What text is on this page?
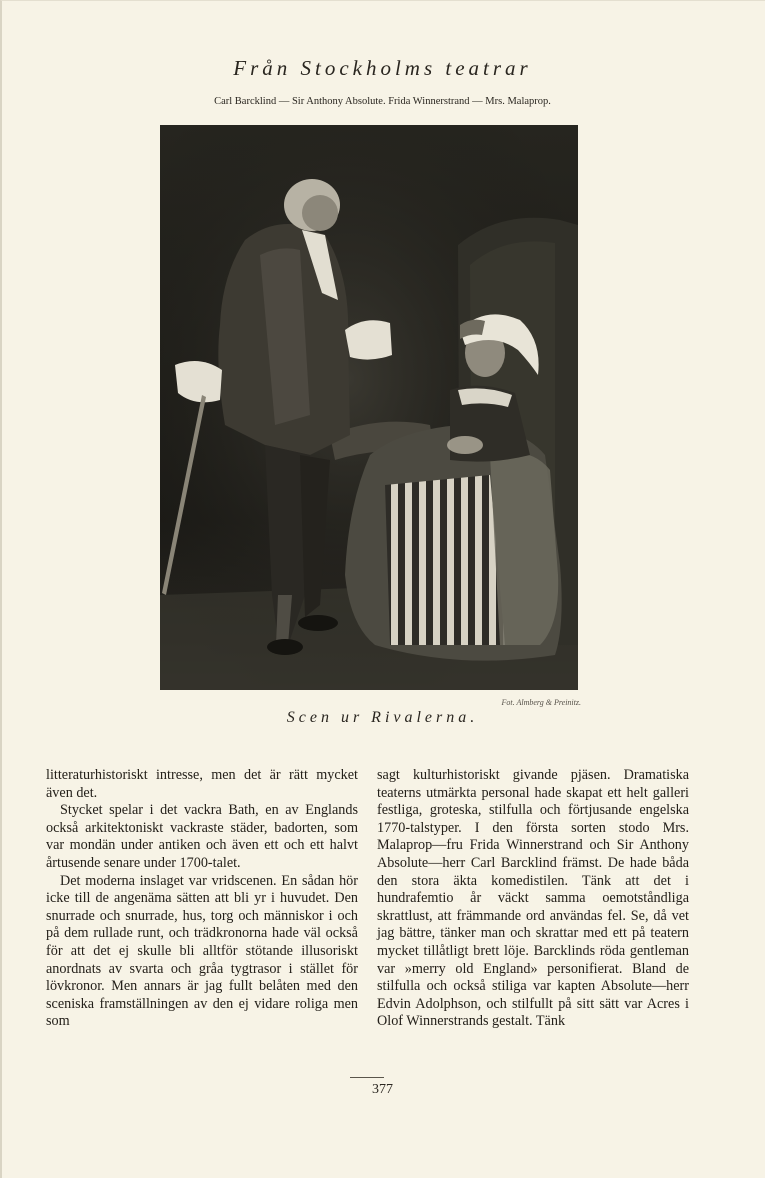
Från Stockholms teatrar
Carl Barcklind — Sir Anthony Absolute. Frida Winnerstrand — Mrs. Malaprop.
Fot. Almberg & Preinitz.
Scen ur Rivalerna.

litteraturhistoriskt intresse, men det är rätt mycket även det.

Stycket spelar i det vackra Bath, en av Englands också arkitektoniskt vackraste städer, badorten, som var mondän under antiken och även ett och ett halvt årtusende senare under 1700-talet.

Det moderna inslaget var vridscenen. En sådan hör icke till de angenäma sätten att bli yr i huvudet. Den snurrade och snurrade, hus, torg och människor i och på dem rullade runt, och trädkronorna hade väl också för att det ej skulle bli alltför stötande illusoriskt anordnats av svarta och gråa tygtrasor i stället för lövkronor. Men annars är jag fullt belåten med den sceniska framställningen av den ej vidare roliga men som

sagt kulturhistoriskt givande pjäsen. Dramatiska teaterns utmärkta personal hade skapat ett helt galleri festliga, groteska, stilfulla och förtjusande engelska 1770-talstyper. I den första sorten stodo Mrs. Malaprop—fru Frida Winnerstrand och Sir Anthony Absolute—herr Carl Barcklind främst. De hade båda den stora äkta komedistilen. Tänk att det i hundrafemtio år väckt samma oemotståndliga skrattlust, att främmande ord användas fel. Se, då vet jag bättre, tänker man och skrattar med ett på teatern mycket tillåtligt brett löje. Barcklinds röda gentleman var »merry old England» personifierat. Bland de stilfulla och också stiliga var kapten Absolute—herr Edvin Adolphson, och stilfullt på sitt sätt var Acres i Olof Winnerstrands gestalt. Tänk

377
